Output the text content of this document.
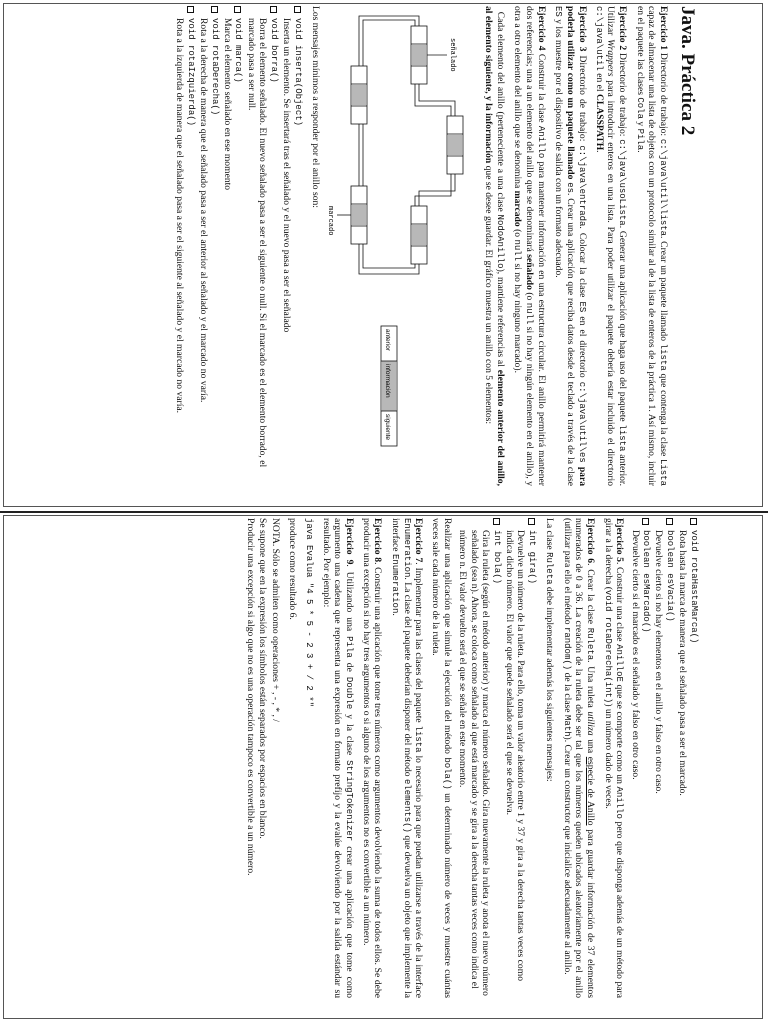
Java. Práctica 2

Ejercicio 1 Directorio de trabajo: c:\java\util\lista. Crear un paquete llamado lista que contenga la clase Lista capaz de almacenar una lista de objetos con un protocolo similar al de la lista de enteros de la práctica 1. Así mismo, incluir en el paquete las clases Cola y Pila.

Ejercicio 2 Directorio de trabajo: c:\java\usoLista. Generar una aplicación que haga uso del paquete lista anterior. Utilizar Wrappers para introducir enteros en una lista. Para poder utilizar el paquete debería estar incluido el directorio c:\java\util en el CLASSPATH.

Ejercicio 3 Directorio de trabajo: c:\java\entrada. Colocar la clase ES en el directorio c:\java\util\es para poderla utilizar como un paquete llamado es. Crear una aplicación que reciba datos desde el teclado a través de la clase ES y los muestre por el dispositivo de salida con un formato adecuado.

Ejercicio 4 Construir la clase Anillo para mantener información en una estructura circular. El anillo permitirá mantener dos referencias; una a un elemento del anillo que se denominará señalado (o null si no hay ningún elemento en el anillo), y otra a otro elemento del anillo que se denomina marcado (o null si no hay ninguno marcado).

Cada elemento del anillo (perteneciente a una clase NodoAnillo), mantiene referencias al elemento anterior del anillo, al elemento siguiente, y la información que se desee guardar. El gráfico muestra un anillo con 5 elementos:

señalado
marcado
anterior
información
siguiente

Los mensajes mínimos a responder por el anillo son:

void inserta(Object)
Inserta un elemento. Se insertará tras el señalado y el nuevo pasa a ser el señalado
void borra()
Borra el elemento señalado. El nuevo señalado pasa a ser el siguiente o null. Si el marcado es el elemento borrado, el marcado pasa a ser null.
void marca()
Marca el elemento señalado en ese momento
void rotaDerecha()
Rota a la derecha de manera que el señalado pasa a ser el anterior al señalado y el marcado no varía.
void rotaIzquierda()
Rota a la izquierda de manera que el señalado pasa a ser el siguiente al señalado y el marcado no varía.
void rotaHastaMarca()
Rota hasta la marca de manera que el señalado pasa a ser el marcado.
boolean esVacia()
Devuelve cierto si no hay elementos en el anillo y falso en otro caso.
boolean esMarcado()
Devuelve cierto si el marcado es el señalado y falso en otro caso.

Ejercicio 5. Construir una clase AnilloE que se comporte como un Anillo pero que disponga además de un método para girar a la derecha (void rotaDerecha(int)) un número dado de veces.

Ejercicio 6. Crear la clase Ruleta. Una ruleta utiliza una especie de Anillo para guardar información de 37 elementos numerados de 0 a 36. La creación de la ruleta debe ser tal que los números queden ubicados aleatoriamente por el anillo (utilizar para ello el método random() de la clase Math). Crear un constructor que inicialice adecuadamente al anillo.

La clase Ruleta debe implementar además los siguientes mensajes:

int gira()
Devuelve un número de la ruleta. Para ello, toma un valor aleatorio entre 1 y 37 y gira a la derecha tantas veces como indica dicho número. El valor que quede señalado será el que se devuelva.
int bola()
Gira la ruleta (según el método anterior) y marca el número señalado. Gira nuevamente la ruleta y anota el nuevo número señalado (sea n). Ahora, se coloca como señalado al que está marcado y se gira a la derecha tantas veces como indica el número n. El valor devuelto será el que se señale en este momento.

Realizar una aplicación que simule la ejecución del método bola() un determinado número de veces y muestre cuántas veces sale cada número de la ruleta.

Ejercicio 7. Implementar para las clases del paquete lista lo necesario para que puedan utilizarse a través de la interface Enumeration. La clase del paquete deberían disponer del método elements() que devuelva un objeto que implemente la interface Enumeration.

Ejercicio 8. Construir una aplicación que tome tres números como argumentos devolviendo la suma de todos ellos. Se debe producir una excepción si no hay tres argumentos o si alguno de los argumentos no es convertible a un número.

Ejercicio 9. Utilizando una Pila de Double y la clase StringTokenizer crear una aplicación que tome como argumento una cadena que representa una expresión en formato prefijo y la evalúe devolviendo por la salida estándar su resultado. Por ejemplo:

java Evalua "4 5 * 5 - 2 3 + / 2 *"

produce como resultado 6.

NOTA. Sólo se admiten como operaciones + , - , * , /

Se supone que en la expresión los símbolos están separados por espacios en blanco.

Producir una excepción si algo que no es una operación tampoco es convertible a un número.
